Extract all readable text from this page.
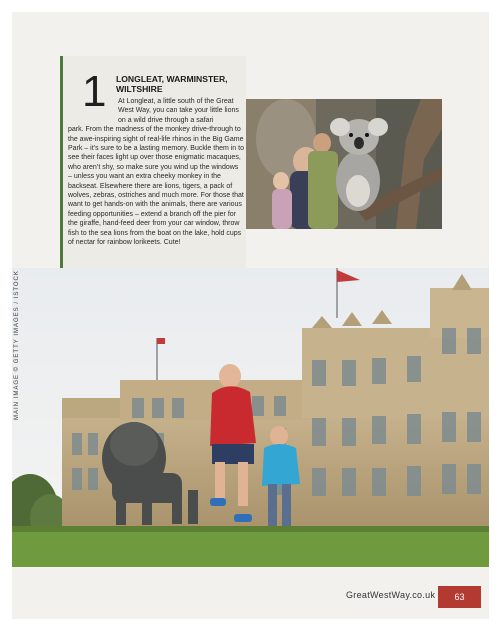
1 LONGLEAT, WARMINSTER, WILTSHIRE
At Longleat, a little south of the Great West Way, you can take your little lions on a wild drive through a safari
park. From the madness of the monkey drive-through to the awe-inspiring sight of real-life rhinos in the Big Game Park – it’s sure to be a lasting memory. Buckle them in to see their faces light up over those enigmatic macaques, who aren’t shy, so make sure you wind up the windows – unless you want an extra cheeky monkey in the backseat. Elsewhere there are lions, tigers, a pack of wolves, zebras, ostriches and much more. For those that want to get hands-on with the animals, there are various feeding opportunities – extend a branch off the pier for the giraffe, hand-feed deer from your car window, throw fish to the sea lions from the boat on the lake, hold cups of nectar for rainbow lorikeets. Cute!
MAIN IMAGE © GETTY IMAGES / ISTOCK
GreatWestWay.co.uk	63
